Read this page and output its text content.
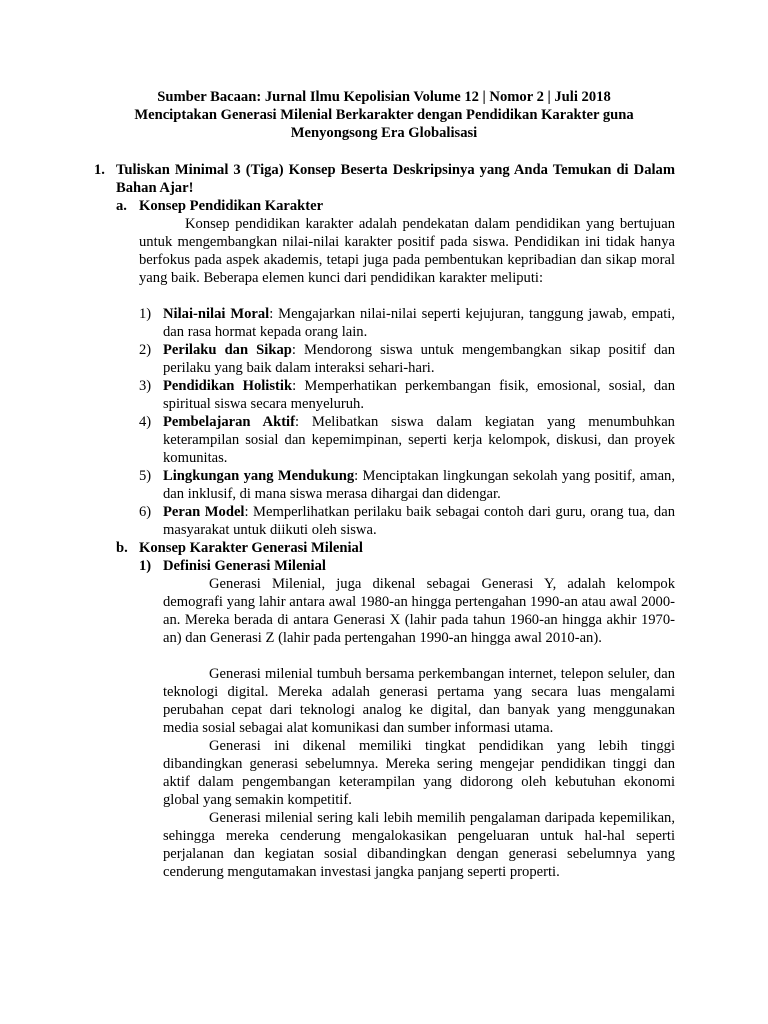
Sumber Bacaan: Jurnal Ilmu Kepolisian Volume 12 | Nomor 2 | Juli 2018
Menciptakan Generasi Milenial Berkarakter dengan Pendidikan Karakter guna
Menyongsong Era Globalisasi
1. Tuliskan Minimal 3 (Tiga) Konsep Beserta Deskripsinya yang Anda Temukan di Dalam Bahan Ajar!
a. Konsep Pendidikan Karakter
Konsep pendidikan karakter adalah pendekatan dalam pendidikan yang bertujuan untuk mengembangkan nilai-nilai karakter positif pada siswa. Pendidikan ini tidak hanya berfokus pada aspek akademis, tetapi juga pada pembentukan kepribadian dan sikap moral yang baik. Beberapa elemen kunci dari pendidikan karakter meliputi:
1) Nilai-nilai Moral: Mengajarkan nilai-nilai seperti kejujuran, tanggung jawab, empati, dan rasa hormat kepada orang lain.
2) Perilaku dan Sikap: Mendorong siswa untuk mengembangkan sikap positif dan perilaku yang baik dalam interaksi sehari-hari.
3) Pendidikan Holistik: Memperhatikan perkembangan fisik, emosional, sosial, dan spiritual siswa secara menyeluruh.
4) Pembelajaran Aktif: Melibatkan siswa dalam kegiatan yang menumbuhkan keterampilan sosial dan kepemimpinan, seperti kerja kelompok, diskusi, dan proyek komunitas.
5) Lingkungan yang Mendukung: Menciptakan lingkungan sekolah yang positif, aman, dan inklusif, di mana siswa merasa dihargai dan didengar.
6) Peran Model: Memperlihatkan perilaku baik sebagai contoh dari guru, orang tua, dan masyarakat untuk diikuti oleh siswa.
b. Konsep Karakter Generasi Milenial
1) Definisi Generasi Milenial
Generasi Milenial, juga dikenal sebagai Generasi Y, adalah kelompok demografi yang lahir antara awal 1980-an hingga pertengahan 1990-an atau awal 2000-an. Mereka berada di antara Generasi X (lahir pada tahun 1960-an hingga akhir 1970-an) dan Generasi Z (lahir pada pertengahan 1990-an hingga awal 2010-an).
Generasi milenial tumbuh bersama perkembangan internet, telepon seluler, dan teknologi digital. Mereka adalah generasi pertama yang secara luas mengalami perubahan cepat dari teknologi analog ke digital, dan banyak yang menggunakan media sosial sebagai alat komunikasi dan sumber informasi utama.
Generasi ini dikenal memiliki tingkat pendidikan yang lebih tinggi dibandingkan generasi sebelumnya. Mereka sering mengejar pendidikan tinggi dan aktif dalam pengembangan keterampilan yang didorong oleh kebutuhan ekonomi global yang semakin kompetitif.
Generasi milenial sering kali lebih memilih pengalaman daripada kepemilikan, sehingga mereka cenderung mengalokasikan pengeluaran untuk hal-hal seperti perjalanan dan kegiatan sosial dibandingkan dengan generasi sebelumnya yang cenderung mengutamakan investasi jangka panjang seperti properti.
